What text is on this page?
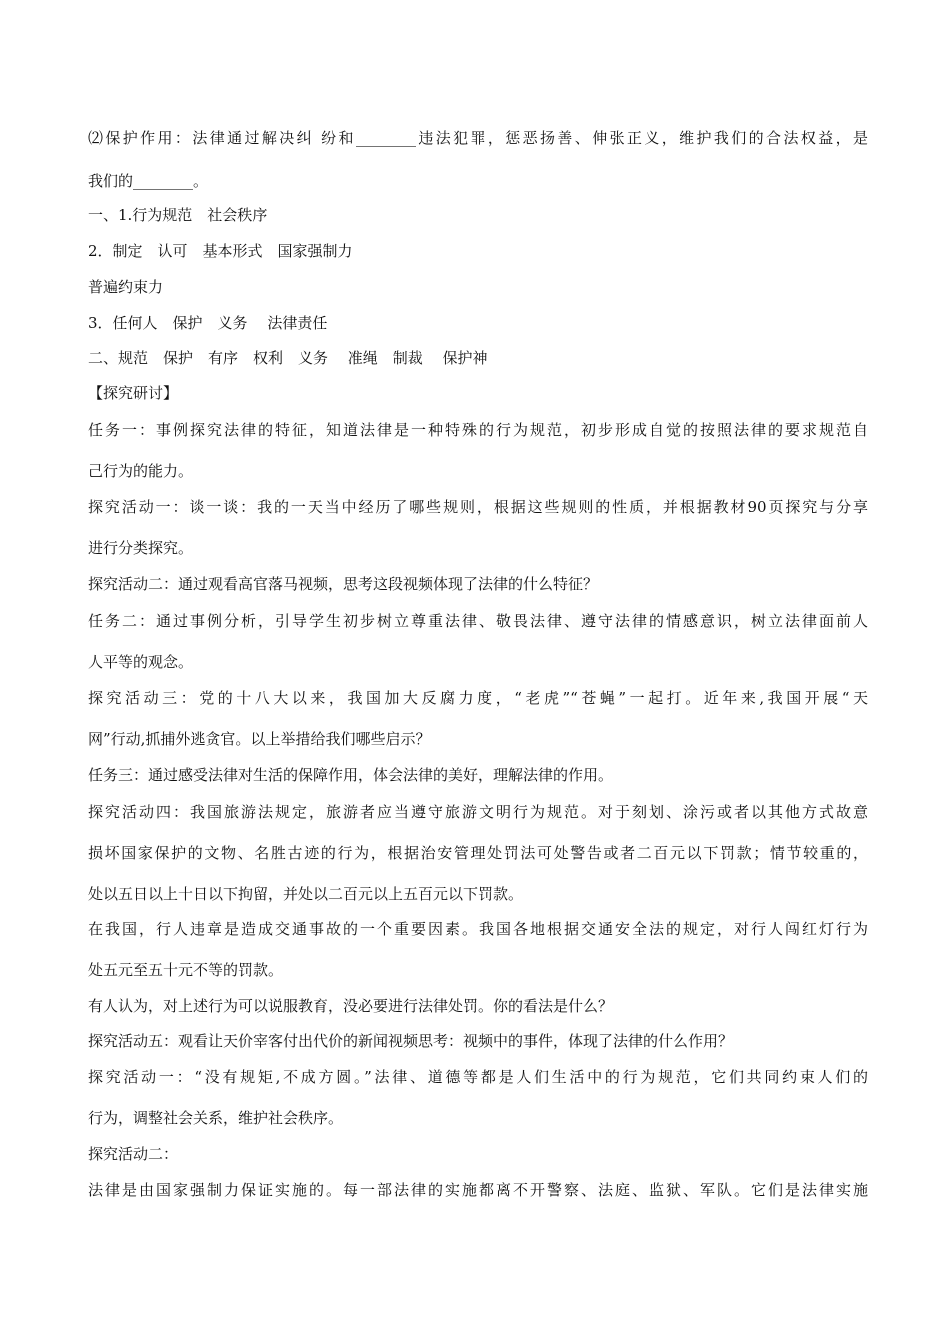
⑵保护作用：法律通过解决纠 纷和________违法犯罪，惩恶扬善、伸张正义，维护我们的合法权益，是
我们的________。
一、1.行为规范　社会秩序
2．制定　认可　基本形式　国家强制力
普遍约束力
3．任何人　保护　义务　 法律责任
二、规范　保护　有序　权利　义务　 准绳　制裁　 保护神
【探究研讨】
任务一：事例探究法律的特征，知道法律是一种特殊的行为规范，初步形成自觉的按照法律的要求规范自
己行为的能力。
探究活动一：谈一谈：我的一天当中经历了哪些规则，根据这些规则的性质，并根据教材90页探究与分享
进行分类探究。
探究活动二：通过观看高官落马视频，思考这段视频体现了法律的什么特征？
任务二：通过事例分析，引导学生初步树立尊重法律、敬畏法律、遵守法律的情感意识，树立法律面前人
人平等的观念。
探究活动三：党的十八大以来，我国加大反腐力度，“老虎”“苍蝇”一起打。近年来,我国开展“天
网”行动,抓捕外逃贪官。以上举措给我们哪些启示？
任务三：通过感受法律对生活的保障作用，体会法律的美好，理解法律的作用。
探究活动四：我国旅游法规定，旅游者应当遵守旅游文明行为规范。对于刻划、涂污或者以其他方式故意
损坏国家保护的文物、名胜古迹的行为，根据治安管理处罚法可处警告或者二百元以下罚款；情节较重的，
处以五日以上十日以下拘留，并处以二百元以上五百元以下罚款。
在我国，行人违章是造成交通事故的一个重要因素。我国各地根据交通安全法的规定，对行人闯红灯行为
处五元至五十元不等的罚款。
有人认为，对上述行为可以说服教育，没必要进行法律处罚。你的看法是什么？
探究活动五：观看让天价宰客付出代价的新闻视频思考：视频中的事件，体现了法律的什么作用？
探究活动一：“没有规矩,不成方圆。”法律、道德等都是人们生活中的行为规范，它们共同约束人们的
行为，调整社会关系，维护社会秩序。
探究活动二：
法律是由国家强制力保证实施的。每一部法律的实施都离不开警察、法庭、监狱、军队。它们是法律实施
